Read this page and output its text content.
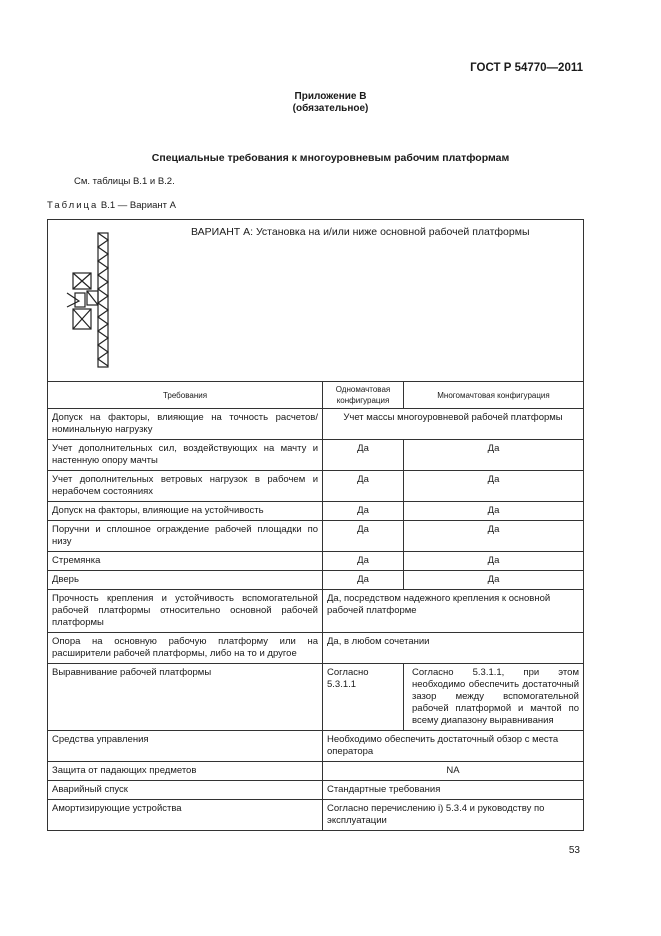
ГОСТ Р 54770—2011
Приложение В
(обязательное)
Специальные требования к многоуровневым рабочим платформам
См. таблицы В.1 и В.2.
Таблица В.1 — Вариант А
ВАРИАНТ А: Установка на и/или ниже основной рабочей платформы		

Требования	Одномачтовая конфигурация	Многомачтовая конфигурация
Допуск на факторы, влияющие на точность расчетов/номинальную нагрузку	Учет массы многоуровневой рабочей платформы	
Учет дополнительных сил, воздействующих на мачту и настенную опору мачты	Да	Да
Учет дополнительных ветровых нагрузок в рабочем и нерабочем состояниях	Да	Да
Допуск на факторы, влияющие на устойчивость	Да	Да
Поручни и сплошное ограждение рабочей площадки по низу	Да	Да
Стремянка	Да	Да
Дверь	Да	Да
Прочность крепления и устойчивость вспомогательной рабочей платформы относительно основной рабочей платформы	Да, посредством надежного крепления к основной рабочей платформе	
Опора на основную рабочую платформу или на расширители рабочей платформы, либо на то и другое	Да, в любом сочетании	
Выравнивание рабочей платформы	Согласно 5.3.1.1	Согласно 5.3.1.1, при этом необходимо обеспечить достаточный зазор между вспомогательной рабочей платформой и мачтой по всему диапазону выравнивания
Средства управления	Необходимо обеспечить достаточный обзор с места оператора	
Защита от падающих предметов	NA	
Аварийный спуск	Стандартные требования	
Амортизирующие устройства	Согласно перечислению i) 5.3.4 и руководству по эксплуатации	
53
